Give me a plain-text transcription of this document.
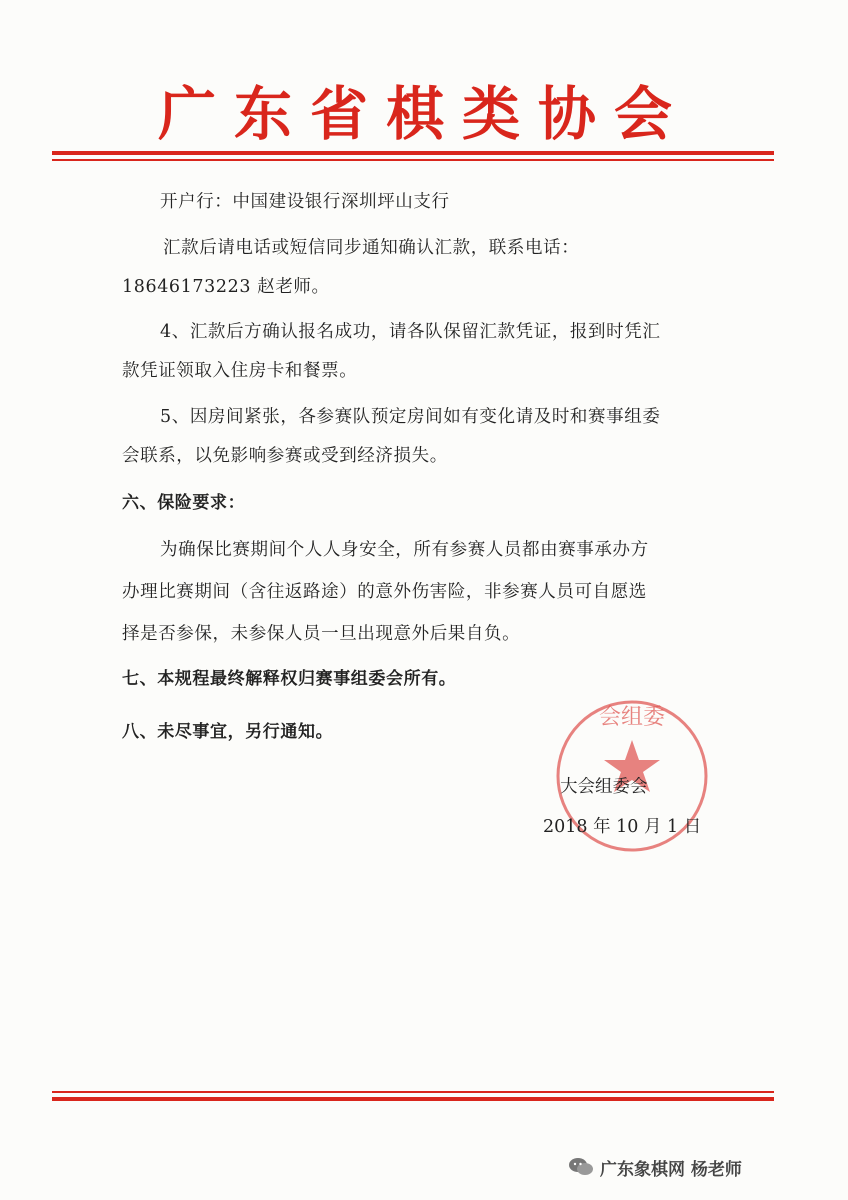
广东省棋类协会
开户行：中国建设银行深圳坪山支行
汇款后请电话或短信同步通知确认汇款，联系电话：
18646173223 赵老师。
4、汇款后方确认报名成功，请各队保留汇款凭证，报到时凭汇
款凭证领取入住房卡和餐票。
5、因房间紧张，各参赛队预定房间如有变化请及时和赛事组委
会联系，以免影响参赛或受到经济损失。
六、保险要求：
为确保比赛期间个人人身安全，所有参赛人员都由赛事承办方
办理比赛期间（含往返路途）的意外伤害险，非参赛人员可自愿选
择是否参保，未参保人员一旦出现意外后果自负。
七、本规程最终解释权归赛事组委会所有。
八、未尽事宜，另行通知。
会组委
大会组委会
2018 年 10 月 1 日
广东象棋网 杨老师
